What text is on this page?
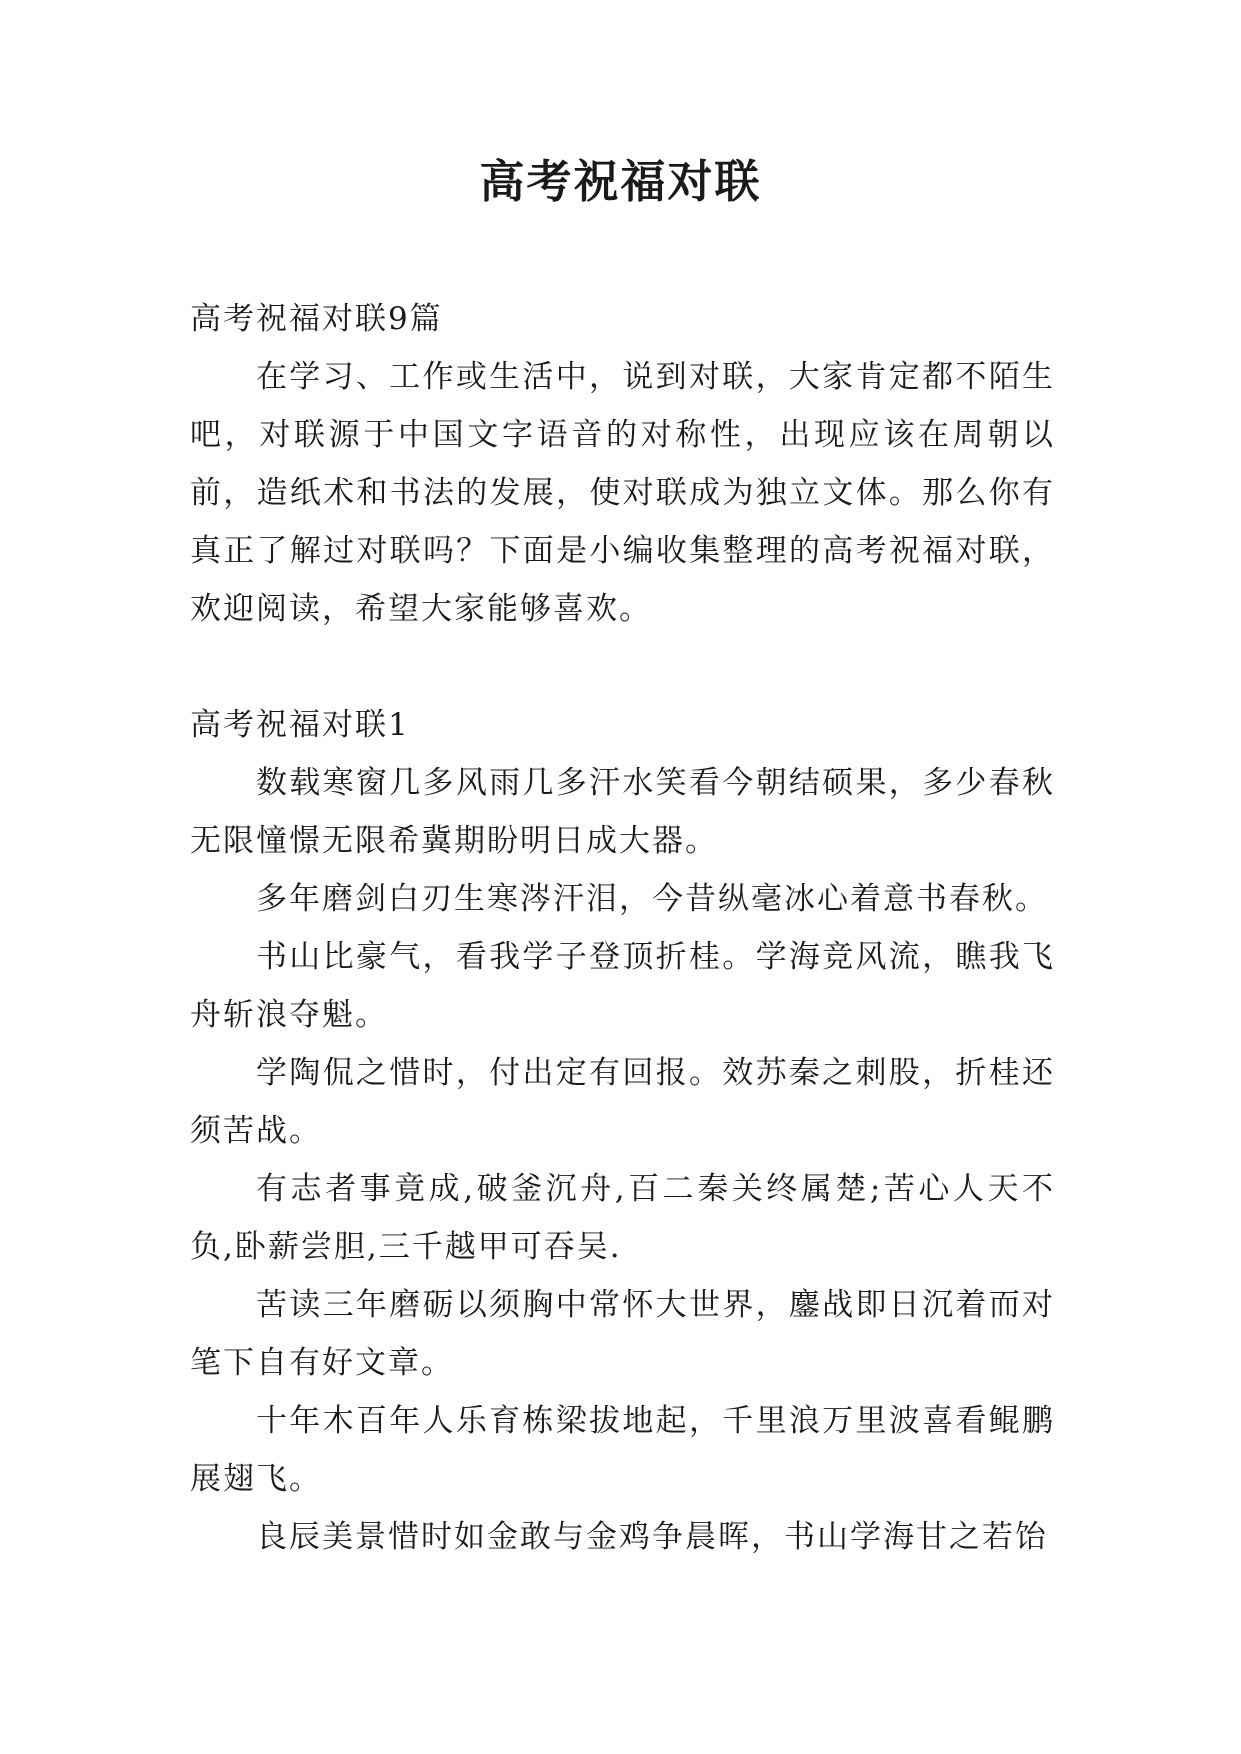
高考祝福对联

高考祝福对联9篇

在学习、工作或生活中，说到对联，大家肯定都不陌生吧，对联源于中国文字语音的对称性，出现应该在周朝以前，造纸术和书法的发展，使对联成为独立文体。那么你有真正了解过对联吗？下面是小编收集整理的高考祝福对联，欢迎阅读，希望大家能够喜欢。

高考祝福对联1

数载寒窗几多风雨几多汗水笑看今朝结硕果，多少春秋无限憧憬无限希冀期盼明日成大器。

多年磨剑白刃生寒涔汗泪，今昔纵毫冰心着意书春秋。

书山比豪气，看我学子登顶折桂。学海竞风流，瞧我飞舟斩浪夺魁。

学陶侃之惜时，付出定有回报。效苏秦之刺股，折桂还须苦战。

有志者事竟成,破釜沉舟,百二秦关终属楚;苦心人天不负,卧薪尝胆,三千越甲可吞吴.

苦读三年磨砺以须胸中常怀大世界，鏖战即日沉着而对笔下自有好文章。

十年木百年人乐育栋梁拔地起，千里浪万里波喜看鲲鹏展翅飞。

良辰美景惜时如金敢与金鸡争晨晖，书山学海甘之若饴
